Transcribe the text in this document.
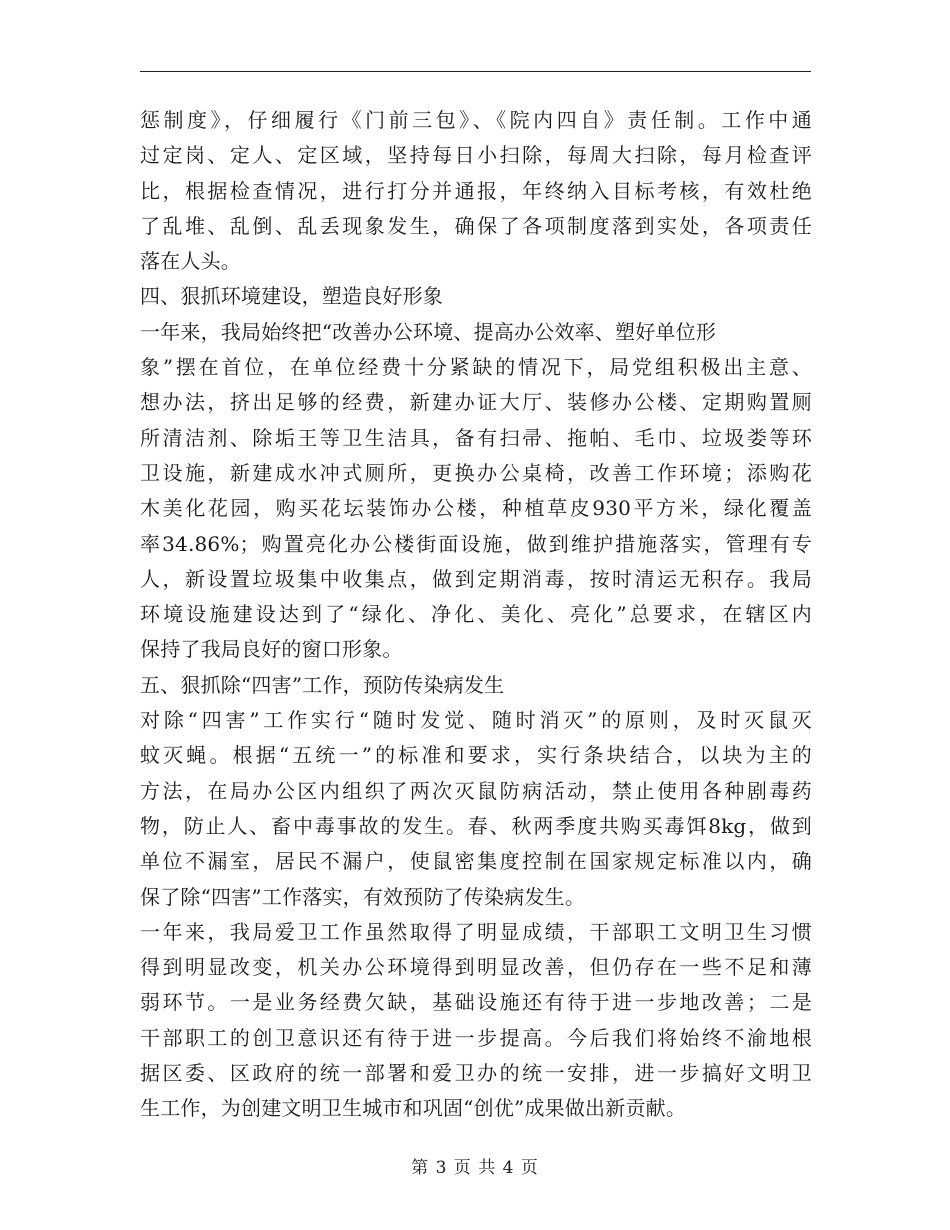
惩制度》，仔细履行《门前三包》、《院内四自》责任制。工作中通
过定岗、定人、定区域，坚持每日小扫除，每周大扫除，每月检查评
比，根据检查情况，进行打分并通报，年终纳入目标考核，有效杜绝
了乱堆、乱倒、乱丢现象发生，确保了各项制度落到实处，各项责任
落在人头。
四、狠抓环境建设，塑造良好形象
一年来，我局始终把“改善办公环境、提高办公效率、塑好单位形
象”摆在首位，在单位经费十分紧缺的情况下，局党组积极出主意、
想办法，挤出足够的经费，新建办证大厅、装修办公楼、定期购置厕
所清洁剂、除垢王等卫生洁具，备有扫帚、拖帕、毛巾、垃圾娄等环
卫设施，新建成水冲式厕所，更换办公桌椅，改善工作环境；添购花
木美化花园，购买花坛装饰办公楼，种植草皮930平方米，绿化覆盖
率34.86%；购置亮化办公楼街面设施，做到维护措施落实，管理有专
人，新设置垃圾集中收集点，做到定期消毒，按时清运无积存。我局
环境设施建设达到了“绿化、净化、美化、亮化”总要求，在辖区内
保持了我局良好的窗口形象。
五、狠抓除“四害”工作，预防传染病发生
对除“四害”工作实行“随时发觉、随时消灭”的原则，及时灭鼠灭
蚊灭蝇。根据“五统一”的标准和要求，实行条块结合，以块为主的
方法，在局办公区内组织了两次灭鼠防病活动，禁止使用各种剧毒药
物，防止人、畜中毒事故的发生。春、秋两季度共购买毒饵8kg，做到
单位不漏室，居民不漏户，使鼠密集度控制在国家规定标准以内，确
保了除“四害”工作落实，有效预防了传染病发生。
一年来，我局爱卫工作虽然取得了明显成绩，干部职工文明卫生习惯
得到明显改变，机关办公环境得到明显改善，但仍存在一些不足和薄
弱环节。一是业务经费欠缺，基础设施还有待于进一步地改善；二是
干部职工的创卫意识还有待于进一步提高。今后我们将始终不渝地根
据区委、区政府的统一部署和爱卫办的统一安排，进一步搞好文明卫
生工作，为创建文明卫生城市和巩固“创优”成果做出新贡献。
第 3 页 共 4 页
